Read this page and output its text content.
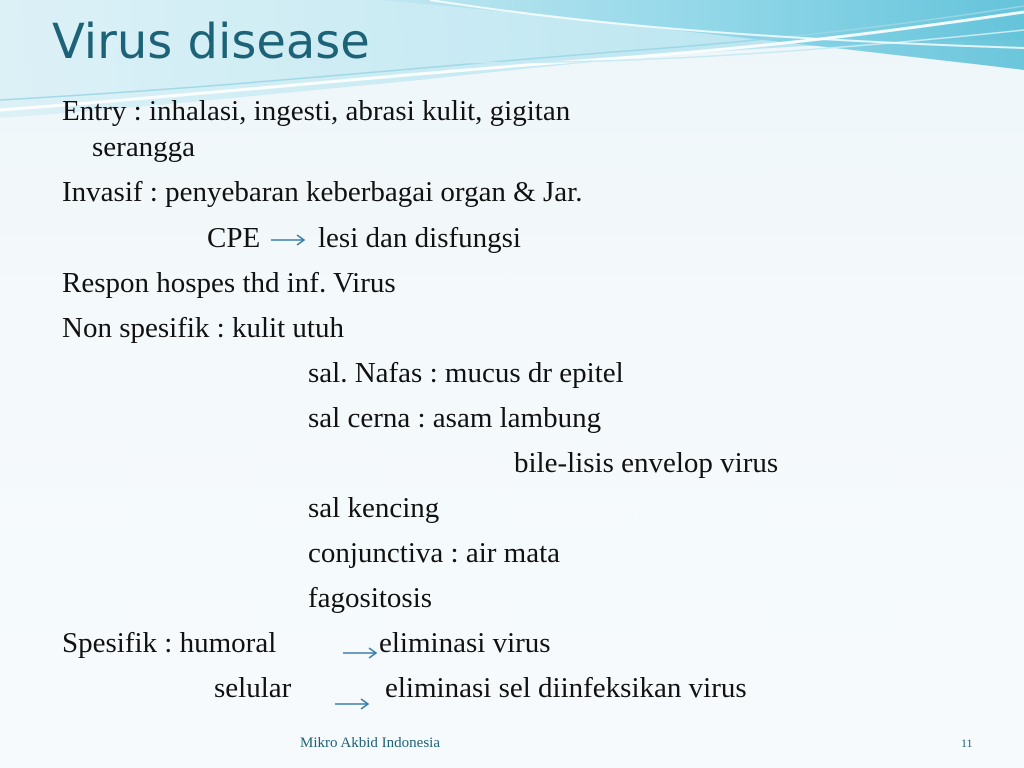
Virus disease
Entry : inhalasi, ingesti, abrasi kulit, gigitan
serangga
Invasif : penyebaran keberbagai organ & Jar.
CPE lesi dan disfungsi
Respon hospes thd inf. Virus
Non spesifik : kulit utuh
sal. Nafas : mucus dr epitel
sal cerna : asam lambung
bile-lisis envelop virus
sal kencing
conjunctiva : air mata
fagositosis
Spesifik : humoral	eliminasi virus
selular	eliminasi sel diinfeksikan virus
Mikro Akbid Indonesia	11
